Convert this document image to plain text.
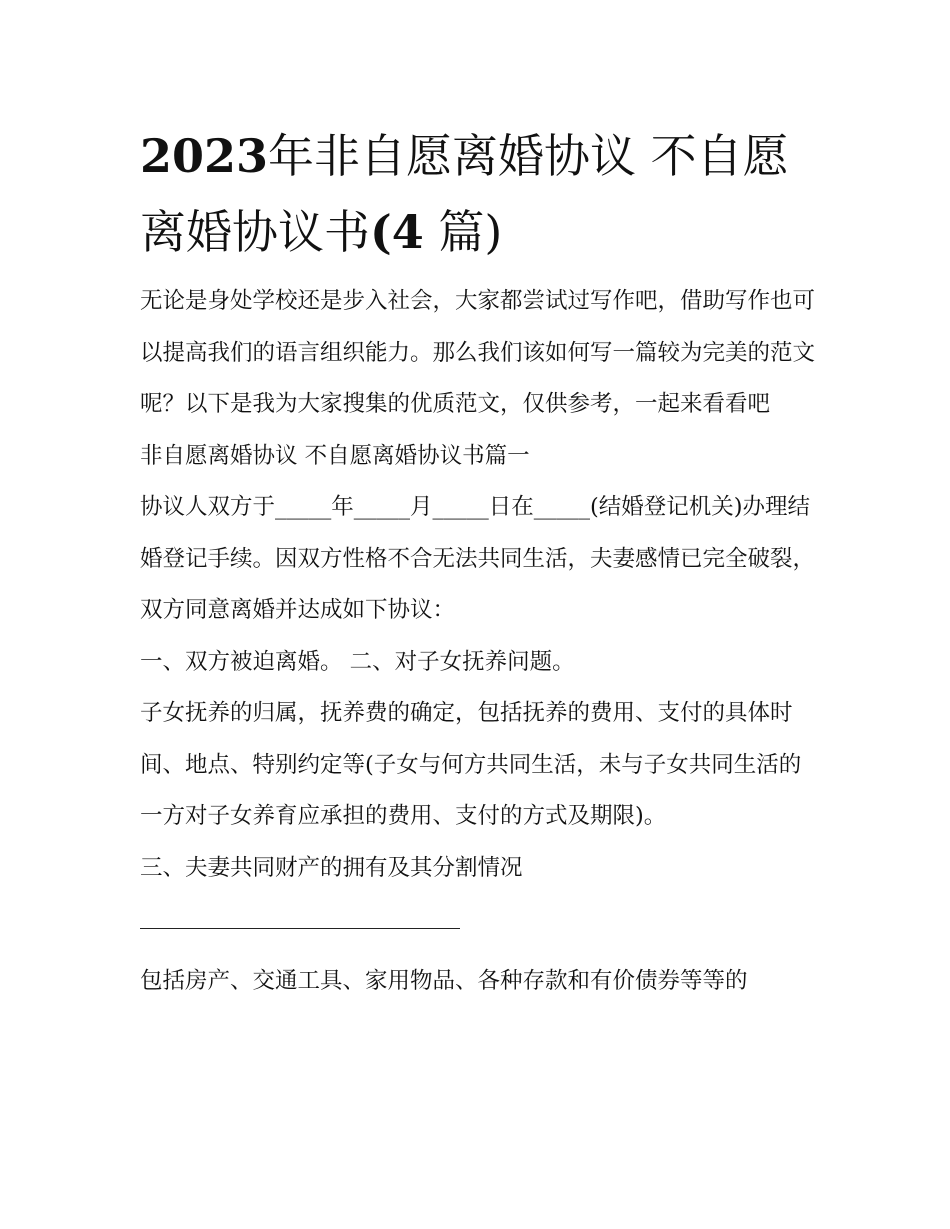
2023年非自愿离婚协议 不自愿离婚协议书(4 篇)

无论是身处学校还是步入社会，大家都尝试过写作吧，借助写作也可以提高我们的语言组织能力。那么我们该如何写一篇较为完美的范文呢？以下是我为大家搜集的优质范文，仅供参考，一起来看看吧

非自愿离婚协议 不自愿离婚协议书篇一

协议人双方于_____年_____月_____日在_____(结婚登记机关)办理结婚登记手续。因双方性格不合无法共同生活，夫妻感情已完全破裂，双方同意离婚并达成如下协议：

一、双方被迫离婚。 二、对子女抚养问题。

子女抚养的归属，抚养费的确定，包括抚养的费用、支付的具体时间、地点、特别约定等(子女与何方共同生活，未与子女共同生活的一方对子女养育应承担的费用、支付的方式及期限)。

三、夫妻共同财产的拥有及其分割情况

包括房产、交通工具、家用物品、各种存款和有价债券等等的
